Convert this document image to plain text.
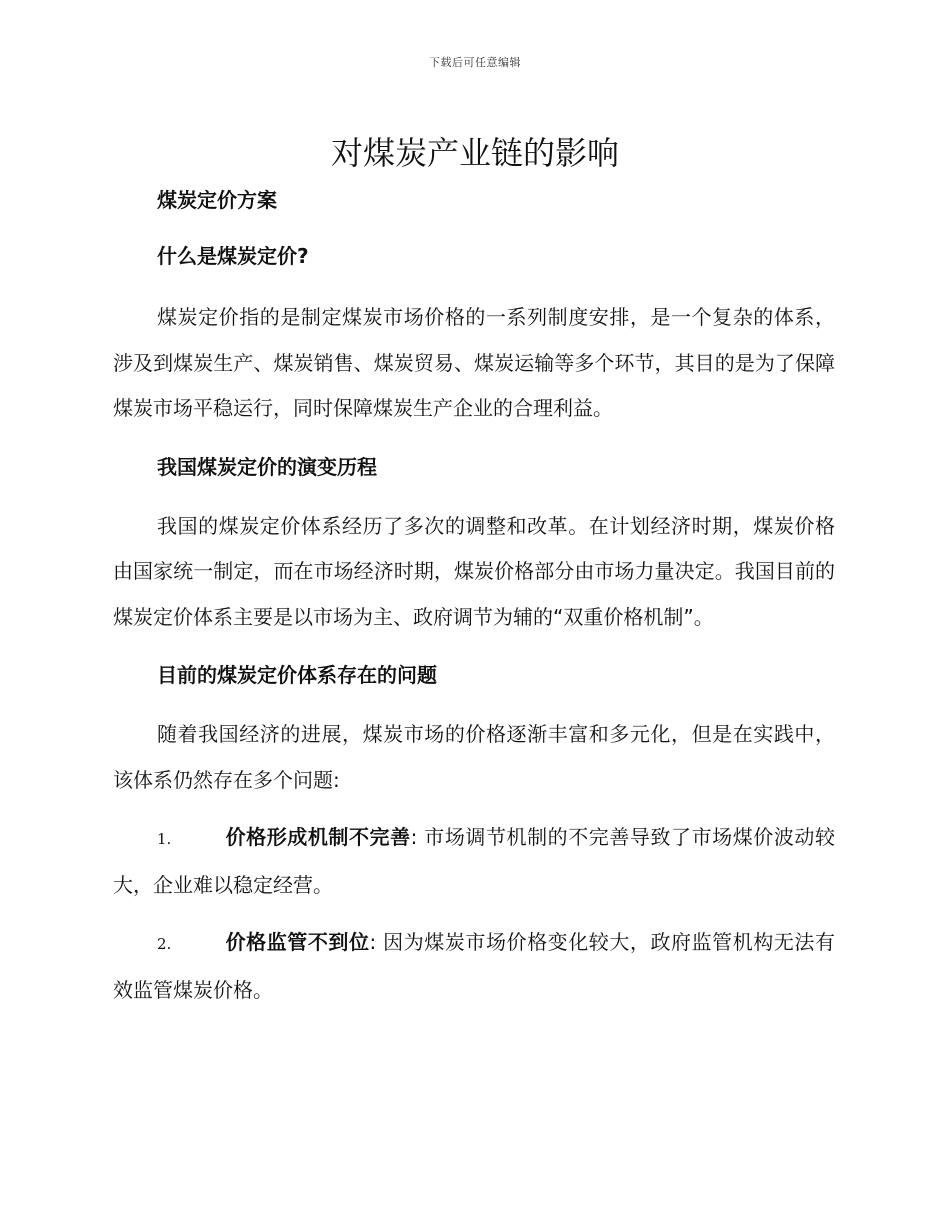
下载后可任意编辑
对煤炭产业链的影响

煤炭定价方案

什么是煤炭定价?

煤炭定价指的是制定煤炭市场价格的一系列制度安排，是一个复杂的体系，涉及到煤炭生产、煤炭销售、煤炭贸易、煤炭运输等多个环节，其目的是为了保障煤炭市场平稳运行，同时保障煤炭生产企业的合理利益。

我国煤炭定价的演变历程

我国的煤炭定价体系经历了多次的调整和改革。在计划经济时期，煤炭价格由国家统一制定，而在市场经济时期，煤炭价格部分由市场力量决定。我国目前的煤炭定价体系主要是以市场为主、政府调节为辅的“双重价格机制”。

目前的煤炭定价体系存在的问题

随着我国经济的进展，煤炭市场的价格逐渐丰富和多元化，但是在实践中，该体系仍然存在多个问题:

1.	价格形成机制不完善: 市场调节机制的不完善导致了市场煤价波动较大，企业难以稳定经营。

2.	价格监管不到位: 因为煤炭市场价格变化较大，政府监管机构无法有效监管煤炭价格。
